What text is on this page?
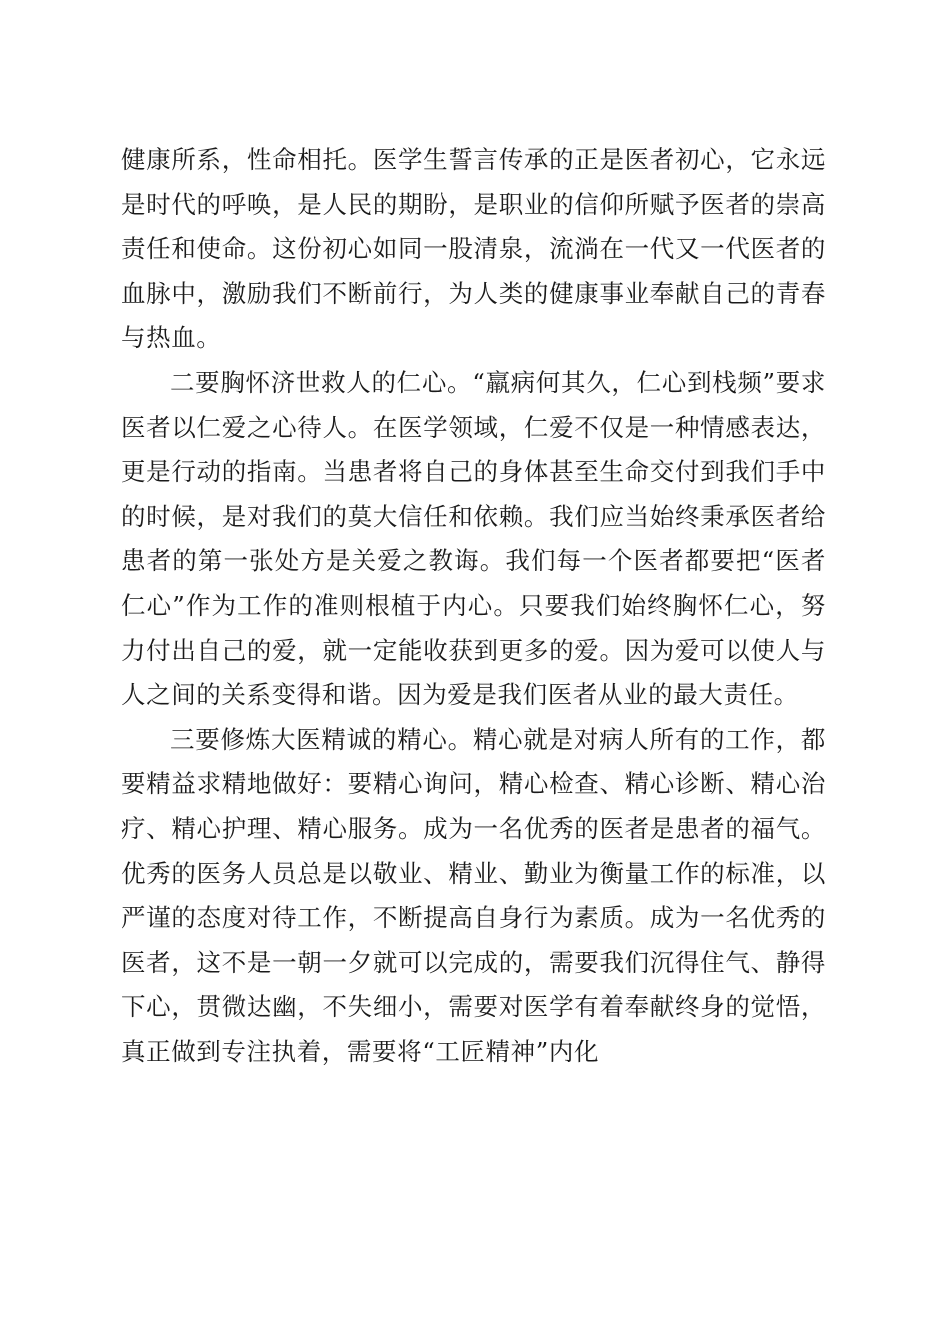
健康所系，性命相托。医学生誓言传承的正是医者初心，它永远是时代的呼唤，是人民的期盼，是职业的信仰所赋予医者的崇高责任和使命。这份初心如同一股清泉，流淌在一代又一代医者的血脉中，激励我们不断前行，为人类的健康事业奉献自己的青春与热血。

二要胸怀济世救人的仁心。“羸病何其久，仁心到栈频”要求医者以仁爱之心待人。在医学领域，仁爱不仅是一种情感表达，更是行动的指南。当患者将自己的身体甚至生命交付到我们手中的时候，是对我们的莫大信任和依赖。我们应当始终秉承医者给患者的第一张处方是关爱之教诲。我们每一个医者都要把“医者仁心”作为工作的准则根植于内心。只要我们始终胸怀仁心，努力付出自己的爱，就一定能收获到更多的爱。因为爱可以使人与人之间的关系变得和谐。因为爱是我们医者从业的最大责任。

三要修炼大医精诚的精心。精心就是对病人所有的工作，都要精益求精地做好：要精心询问，精心检查、精心诊断、精心治疗、精心护理、精心服务。成为一名优秀的医者是患者的福气。优秀的医务人员总是以敬业、精业、勤业为衡量工作的标准，以严谨的态度对待工作，不断提高自身行为素质。成为一名优秀的医者，这不是一朝一夕就可以完成的，需要我们沉得住气、静得下心，贯微达幽，不失细小，需要对医学有着奉献终身的觉悟，真正做到专注执着，需要将“工匠精神”内化
